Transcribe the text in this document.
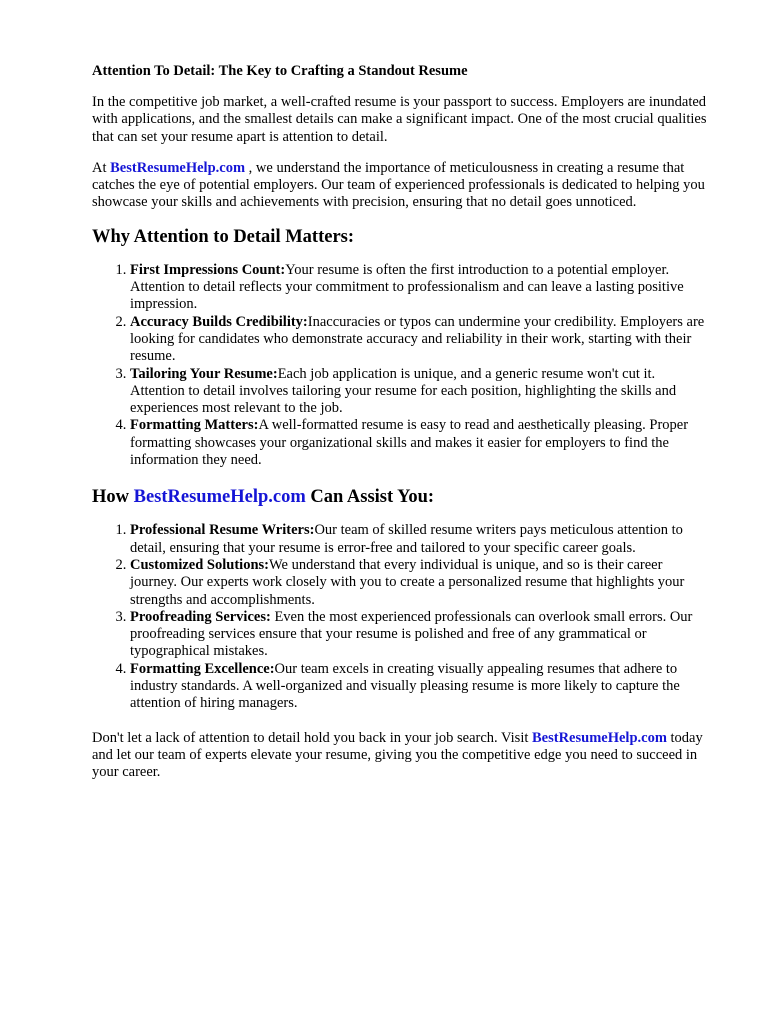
Attention To Detail: The Key to Crafting a Standout Resume

In the competitive job market, a well-crafted resume is your passport to success. Employers are inundated with applications, and the smallest details can make a significant impact. One of the most crucial qualities that can set your resume apart is attention to detail.

At BestResumeHelp.com , we understand the importance of meticulousness in creating a resume that catches the eye of potential employers. Our team of experienced professionals is dedicated to helping you showcase your skills and achievements with precision, ensuring that no detail goes unnoticed.

Why Attention to Detail Matters:
1. First Impressions Count:Your resume is often the first introduction to a potential employer. Attention to detail reflects your commitment to professionalism and can leave a lasting positive impression.
2. Accuracy Builds Credibility:Inaccuracies or typos can undermine your credibility. Employers are looking for candidates who demonstrate accuracy and reliability in their work, starting with their resume.
3. Tailoring Your Resume:Each job application is unique, and a generic resume won't cut it. Attention to detail involves tailoring your resume for each position, highlighting the skills and experiences most relevant to the job.
4. Formatting Matters:A well-formatted resume is easy to read and aesthetically pleasing. Proper formatting showcases your organizational skills and makes it easier for employers to find the information they need.
How BestResumeHelp.com Can Assist You:
1. Professional Resume Writers:Our team of skilled resume writers pays meticulous attention to detail, ensuring that your resume is error-free and tailored to your specific career goals.
2. Customized Solutions:We understand that every individual is unique, and so is their career journey. Our experts work closely with you to create a personalized resume that highlights your strengths and accomplishments.
3. Proofreading Services: Even the most experienced professionals can overlook small errors. Our proofreading services ensure that your resume is polished and free of any grammatical or typographical mistakes.
4. Formatting Excellence:Our team excels in creating visually appealing resumes that adhere to industry standards. A well-organized and visually pleasing resume is more likely to capture the attention of hiring managers.

Don't let a lack of attention to detail hold you back in your job search. Visit BestResumeHelp.com today and let our team of experts elevate your resume, giving you the competitive edge you need to succeed in your career.
